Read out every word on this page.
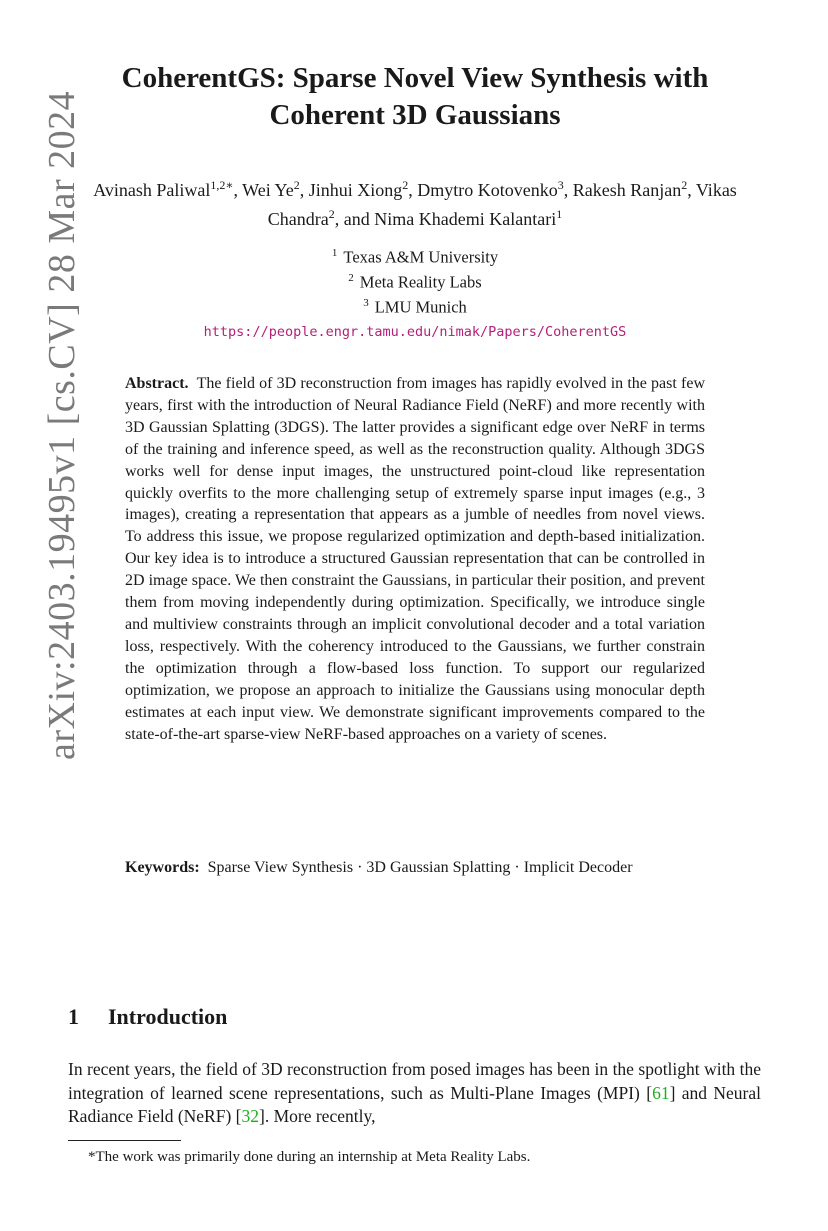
arXiv:2403.19495v1 [cs.CV] 28 Mar 2024
CoherentGS: Sparse Novel View Synthesis with
Coherent 3D Gaussians
Avinash Paliwal$^{1,2∗}$, Wei Ye$^2$, Jinhui Xiong$^2$, Dmytro Kotovenko$^3$, Rakesh Ranjan$^2$, Vikas Chandra$^2$, and Nima Khademi Kalantari$^1$
$^1$ Texas A&M University
$^2$ Meta Reality Labs
$^3$ LMU Munich
https://people.engr.tamu.edu/nimak/Papers/CoherentGS
Abstract. The field of 3D reconstruction from images has rapidly evolved in the past few years, first with the introduction of Neural Radiance Field (NeRF) and more recently with 3D Gaussian Splatting (3DGS). The latter provides a significant edge over NeRF in terms of the training and inference speed, as well as the reconstruction quality. Although 3DGS works well for dense input images, the unstructured point-cloud like representation quickly overfits to the more challenging setup of extremely sparse input images (e.g., 3 images), creating a representation that appears as a jumble of needles from novel views. To address this issue, we propose regularized optimization and depth-based initialization. Our key idea is to introduce a structured Gaussian representation that can be controlled in 2D image space. We then constraint the Gaussians, in particular their position, and prevent them from moving independently during optimization. Specifically, we introduce single and multiview constraints through an implicit convolutional decoder and a total variation loss, respectively. With the coherency introduced to the Gaussians, we further constrain the optimization through a flow-based loss function. To support our regularized optimization, we propose an approach to initialize the Gaussians using monocular depth estimates at each input view. We demonstrate significant improvements compared to the state-of-the-art sparse-view NeRF-based approaches on a variety of scenes.
Keywords: Sparse View Synthesis · 3D Gaussian Splatting · Implicit Decoder
1 Introduction
In recent years, the field of 3D reconstruction from posed images has been in the spotlight with the integration of learned scene representations, such as Multi-Plane Images (MPI) [61] and Neural Radiance Field (NeRF) [32]. More recently,
*The work was primarily done during an internship at Meta Reality Labs.
